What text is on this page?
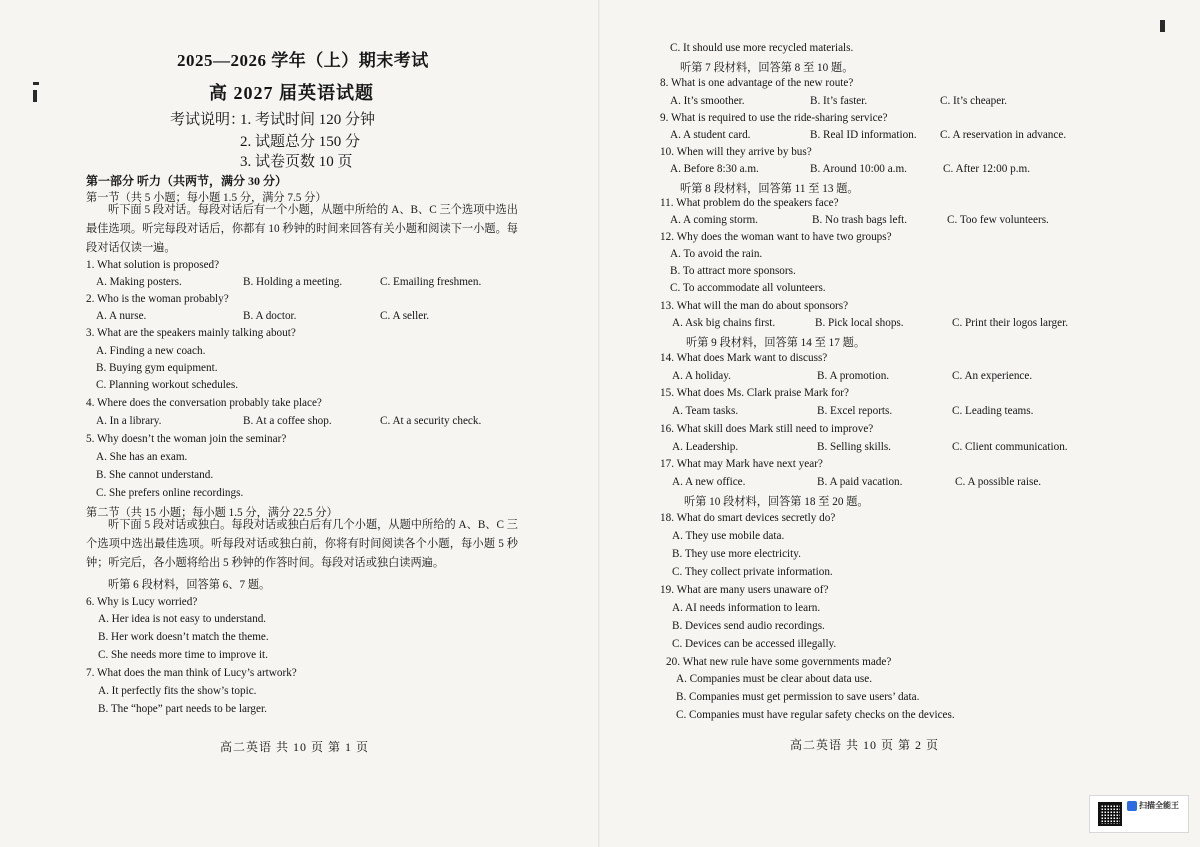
2025—2026 学年（上）期末考试
高 2027 届英语试题
考试说明：
1. 考试时间 120 分钟
2. 试题总分 150 分
3. 试卷页数 10 页
第一部分 听力（共两节，满分 30 分）
第一节（共 5 小题；每小题 1.5 分，满分 7.5 分）
听下面 5 段对话。每段对话后有一个小题，从题中所给的 A、B、C 三个选项中选出最佳选项。听完每段对话后，你都有 10 秒钟的时间来回答有关小题和阅读下一小题。每段对话仅读一遍。
1. What solution is proposed?
A. Making posters.	B. Holding a meeting.	C. Emailing freshmen.
2. Who is the woman probably?
A. A nurse.	B. A doctor.	C. A seller.
3. What are the speakers mainly talking about?
A. Finding a new coach.
B. Buying gym equipment.
C. Planning workout schedules.
4. Where does the conversation probably take place?
A. In a library.	B. At a coffee shop.	C. At a security check.
5. Why doesn’t the woman join the seminar?
A. She has an exam.
B. She cannot understand.
C. She prefers online recordings.
第二节（共 15 小题；每小题 1.5 分，满分 22.5 分）
听下面 5 段对话或独白。每段对话或独白后有几个小题，从题中所给的 A、B、C 三个选项中选出最佳选项。听每段对话或独白前，你将有时间阅读各个小题，每小题 5 秒钟；听完后，各小题将给出 5 秒钟的作答时间。每段对话或独白读两遍。
听第 6 段材料，回答第 6、7 题。
6. Why is Lucy worried?
A. Her idea is not easy to understand.
B. Her work doesn’t match the theme.
C. She needs more time to improve it.
7. What does the man think of Lucy’s artwork?
A. It perfectly fits the show’s topic.
B. The “hope” part needs to be larger.
高二英语 共 10 页 第 1 页
C. It should use more recycled materials.
听第 7 段材料，回答第 8 至 10 题。
8. What is one advantage of the new route?
A. It’s smoother.	B. It’s faster.	C. It’s cheaper.
9. What is required to use the ride-sharing service?
A. A student card.	B. Real ID information. C. A reservation in advance.
10. When will they arrive by bus?
A. Before 8:30 a.m.	B. Around 10:00 a.m.	C. After 12:00 p.m.
听第 8 段材料，回答第 11 至 13 题。
11. What problem do the speakers face?
A. A coming storm.	B. No trash bags left.	C. Too few volunteers.
12. Why does the woman want to have two groups?
A. To avoid the rain.
B. To attract more sponsors.
C. To accommodate all volunteers.
13. What will the man do about sponsors?
A. Ask big chains first.	B. Pick local shops.	C. Print their logos larger.
听第 9 段材料，回答第 14 至 17 题。
14. What does Mark want to discuss?
A. A holiday.	B. A promotion.	C. An experience.
15. What does Ms. Clark praise Mark for?
A. Team tasks.	B. Excel reports.	C. Leading teams.
16. What skill does Mark still need to improve?
A. Leadership.	B. Selling skills.	C. Client communication.
17. What may Mark have next year?
A. A new office.	B. A paid vacation.	C. A possible raise.
听第 10 段材料，回答第 18 至 20 题。
18. What do smart devices secretly do?
A. They use mobile data.
B. They use more electricity.
C. They collect private information.
19. What are many users unaware of?
A. AI needs information to learn.
B. Devices send audio recordings.
C. Devices can be accessed illegally.
20. What new rule have some governments made?
A. Companies must be clear about data use.
B. Companies must get permission to save users’ data.
C. Companies must have regular safety checks on the devices.
高二英语 共 10 页 第 2 页
扫描全能王
